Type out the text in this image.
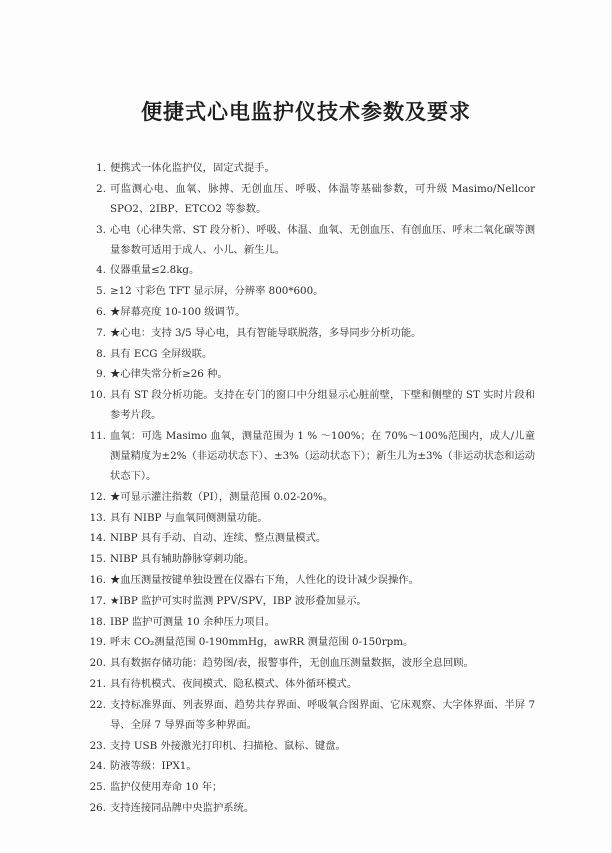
便捷式心电监护仪技术参数及要求
1. 便携式一体化监护仪，固定式提手。
2. 可监测心电、血氧、脉搏、无创血压、呼吸、体温等基础参数，可升级 Masimo/Nellcor SPO2、2IBP、ETCO2 等参数。
3. 心电（心律失常、ST 段分析）、呼吸、体温、血氧、无创血压、有创血压、呼末二氧化碳等测量参数可适用于成人、小儿、新生儿。
4. 仪器重量≤2.8kg。
5. ≥12 寸彩色 TFT 显示屏，分辨率 800*600。
6. ★屏幕亮度 10-100 级调节。
7. ★心电：支持 3/5 导心电，具有智能导联脱落，多导同步分析功能。
8. 具有 ECG 全屏级联。
9. ★心律失常分析≥26 种。
10. 具有 ST 段分析功能。支持在专门的窗口中分组显示心脏前壁，下壁和侧壁的 ST 实时片段和参考片段。
11. 血氧：可选 Masimo 血氧，测量范围为 1 % ～100%；在 70%～100%范围内，成人/儿童测量精度为±2%（非运动状态下）、±3%（运动状态下）；新生儿为±3%（非运动状态和运动状态下）。
12. ★可显示灌注指数（PI），测量范围 0.02-20%。
13. 具有 NIBP 与血氧同侧测量功能。
14. NIBP 具有手动、自动、连续、整点测量模式。
15. NIBP 具有辅助静脉穿刺功能。
16. ★血压测量按键单独设置在仪器右下角，人性化的设计减少误操作。
17. ★IBP 监护可实时监测 PPV/SPV，IBP 波形叠加显示。
18. IBP 监护可测量 10 余种压力项目。
19. 呼末 CO₂测量范围 0-190mmHg，awRR 测量范围 0-150rpm。
20. 具有数据存储功能：趋势图/表，报警事件，无创血压测量数据，波形全息回顾。
21. 具有待机模式、夜间模式、隐私模式、体外循环模式。
22. 支持标准界面、列表界面、趋势共存界面、呼吸氧合图界面、它床观察、大字体界面、半屏 7 导、全屏 7 导界面等多种界面。
23. 支持 USB 外接激光打印机、扫描枪、鼠标、键盘。
24. 防液等级：IPX1。
25. 监护仪使用寿命 10 年；
26. 支持连接同品牌中央监护系统。
